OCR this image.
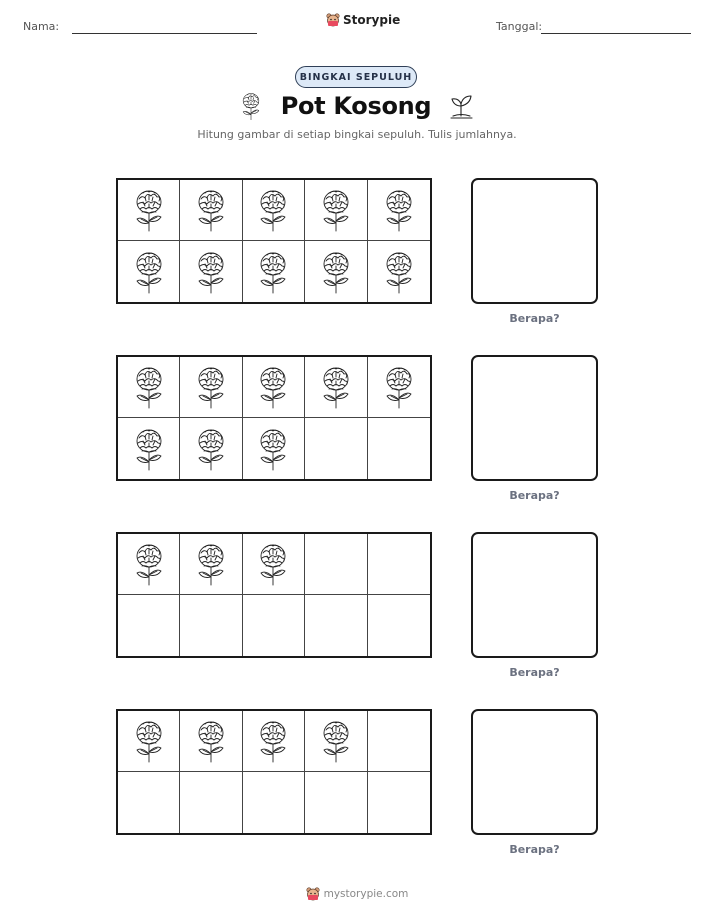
Nama:	Storypie	Tanggal:
BINGKAI SEPULUH
Pot Kosong
Hitung gambar di setiap bingkai sepuluh. Tulis jumlahnya.
Berapa?
Berapa?
Berapa?
Berapa?
mystorypie.com
